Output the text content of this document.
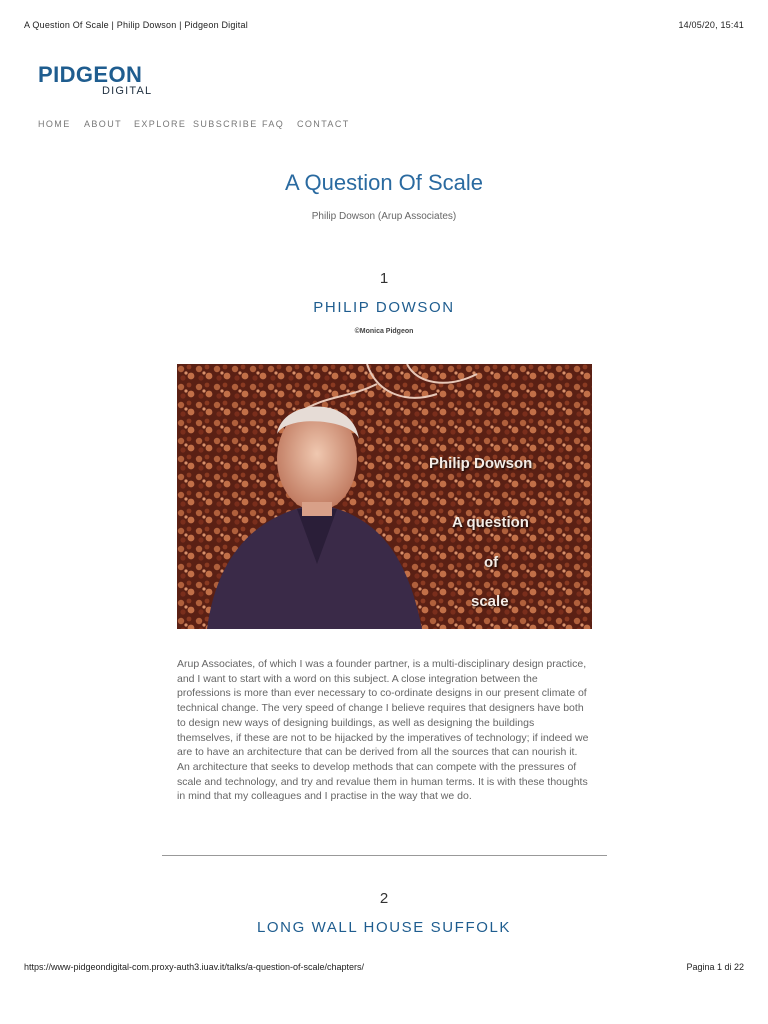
A Question Of Scale | Philip Dowson | Pidgeon Digital	14/05/20, 15:41
PIDGEON
DIGITAL
HOME ABOUT EXPLORE SUBSCRIBE FAQ CONTACT
A Question Of Scale
Philip Dowson (Arup Associates)
1
PHILIP DOWSON
©Monica Pidgeon
Philip Dowson
A question
of
scale

Arup Associates, of which I was a founder partner, is a multi-disciplinary design practice, and I want to start with a word on this subject. A close integration between the professions is more than ever necessary to co-ordinate designs in our present climate of technical change. The very speed of change I believe requires that designers have both to design new ways of designing buildings, as well as designing the buildings themselves, if these are not to be hijacked by the imperatives of technology; if indeed we are to have an architecture that can be derived from all the sources that can nourish it. An architecture that seeks to develop methods that can compete with the pressures of scale and technology, and try and revalue them in human terms. It is with these thoughts in mind that my colleagues and I practise in the way that we do.

2
LONG WALL HOUSE SUFFOLK
https://www-pidgeondigital-com.proxy-auth3.iuav.it/talks/a-question-of-scale/chapters/	Pagina 1 di 22
